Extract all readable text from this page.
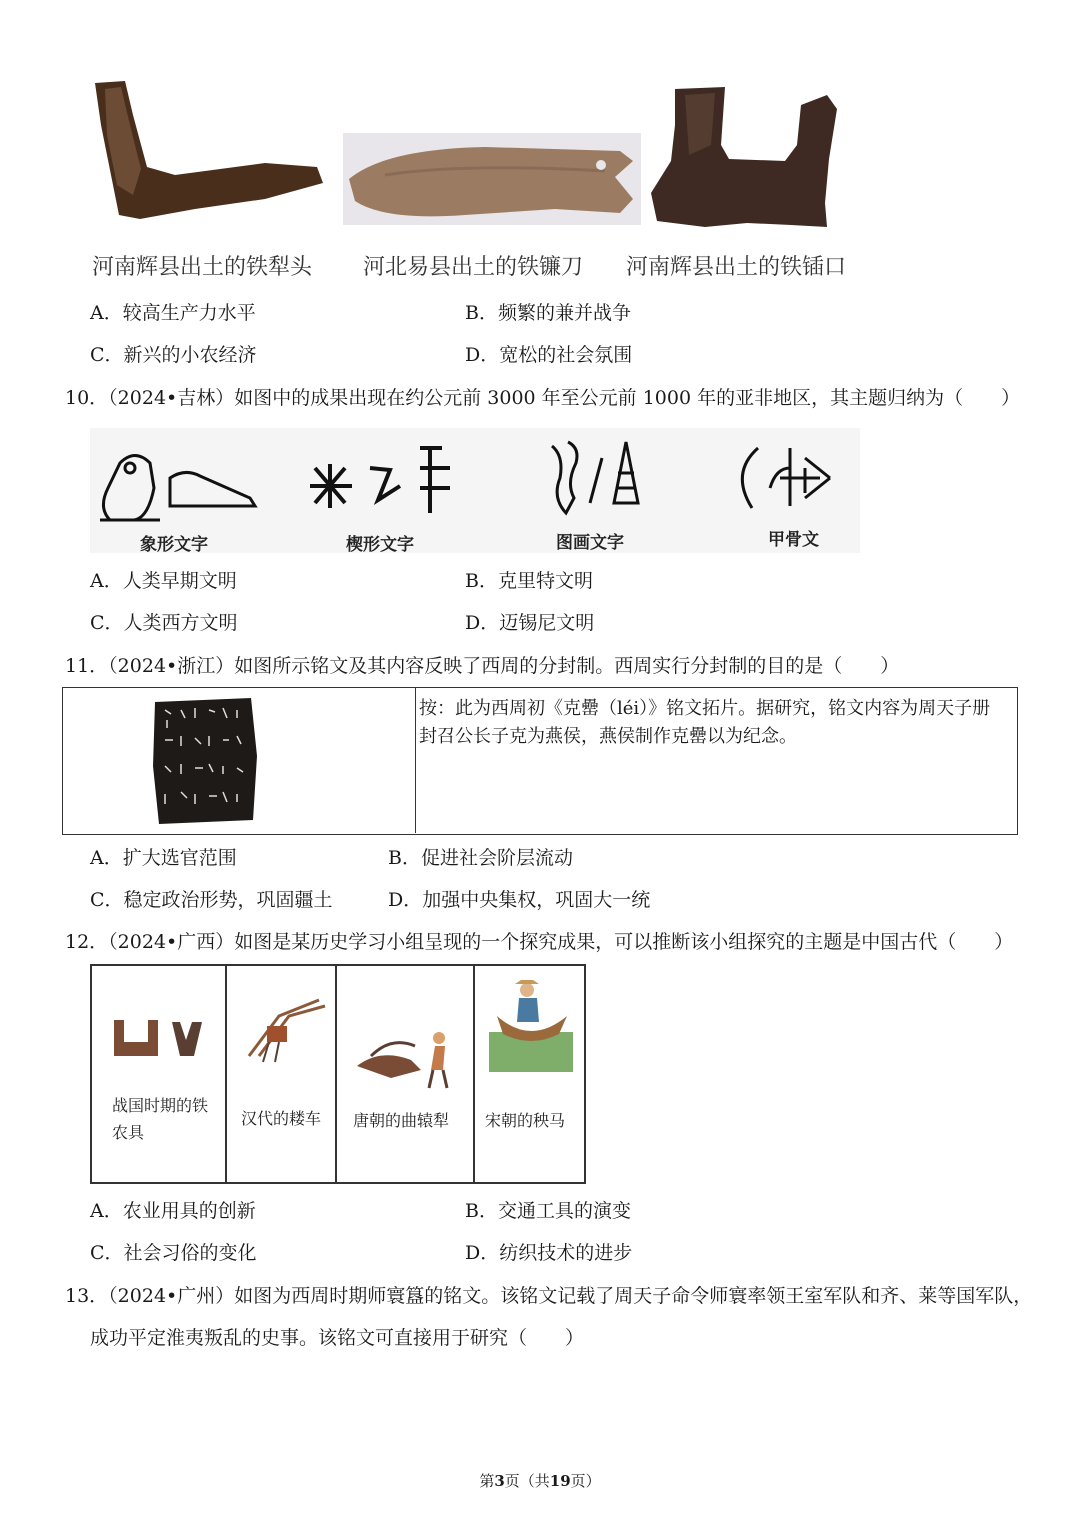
河南辉县出土的铁犁头 河北易县出土的铁镰刀 河南辉县出土的铁锸口
A．较高生产力水平	B．频繁的兼并战争
C．新兴的小农经济	D．宽松的社会氛围
10．（2024•吉林）如图中的成果出现在约公元前 3000 年至公元前 1000 年的亚非地区，其主题归纳为（　　）
象形文字	楔形文字	图画文字	甲骨文
A．人类早期文明	B．克里特文明
C．人类西方文明	D．迈锡尼文明
11．（2024•浙江）如图所示铭文及其内容反映了西周的分封制。西周实行分封制的目的是（　　）
按：此为西周初《克罍（léi）》铭文拓片。据研究，铭文内容为周天子册
封召公长子克为燕侯，燕侯制作克罍以为纪念。
A．扩大选官范围	B．促进社会阶层流动
C．稳定政治形势，巩固疆土	D．加强中央集权，巩固大一统
12．（2024•广西）如图是某历史学习小组呈现的一个探究成果，可以推断该小组探究的主题是中国古代（　　）
战国时期的铁
农具
汉代的耧车 唐朝的曲辕犁 宋朝的秧马
A．农业用具的创新	B．交通工具的演变
C．社会习俗的变化	D．纺织技术的进步
13．（2024•广州）如图为西周时期师寰簋的铭文。该铭文记载了周天子命令师寰率领王室军队和齐、莱等国军队，
成功平定淮夷叛乱的史事。该铭文可直接用于研究（　　）
第3页（共19页）
